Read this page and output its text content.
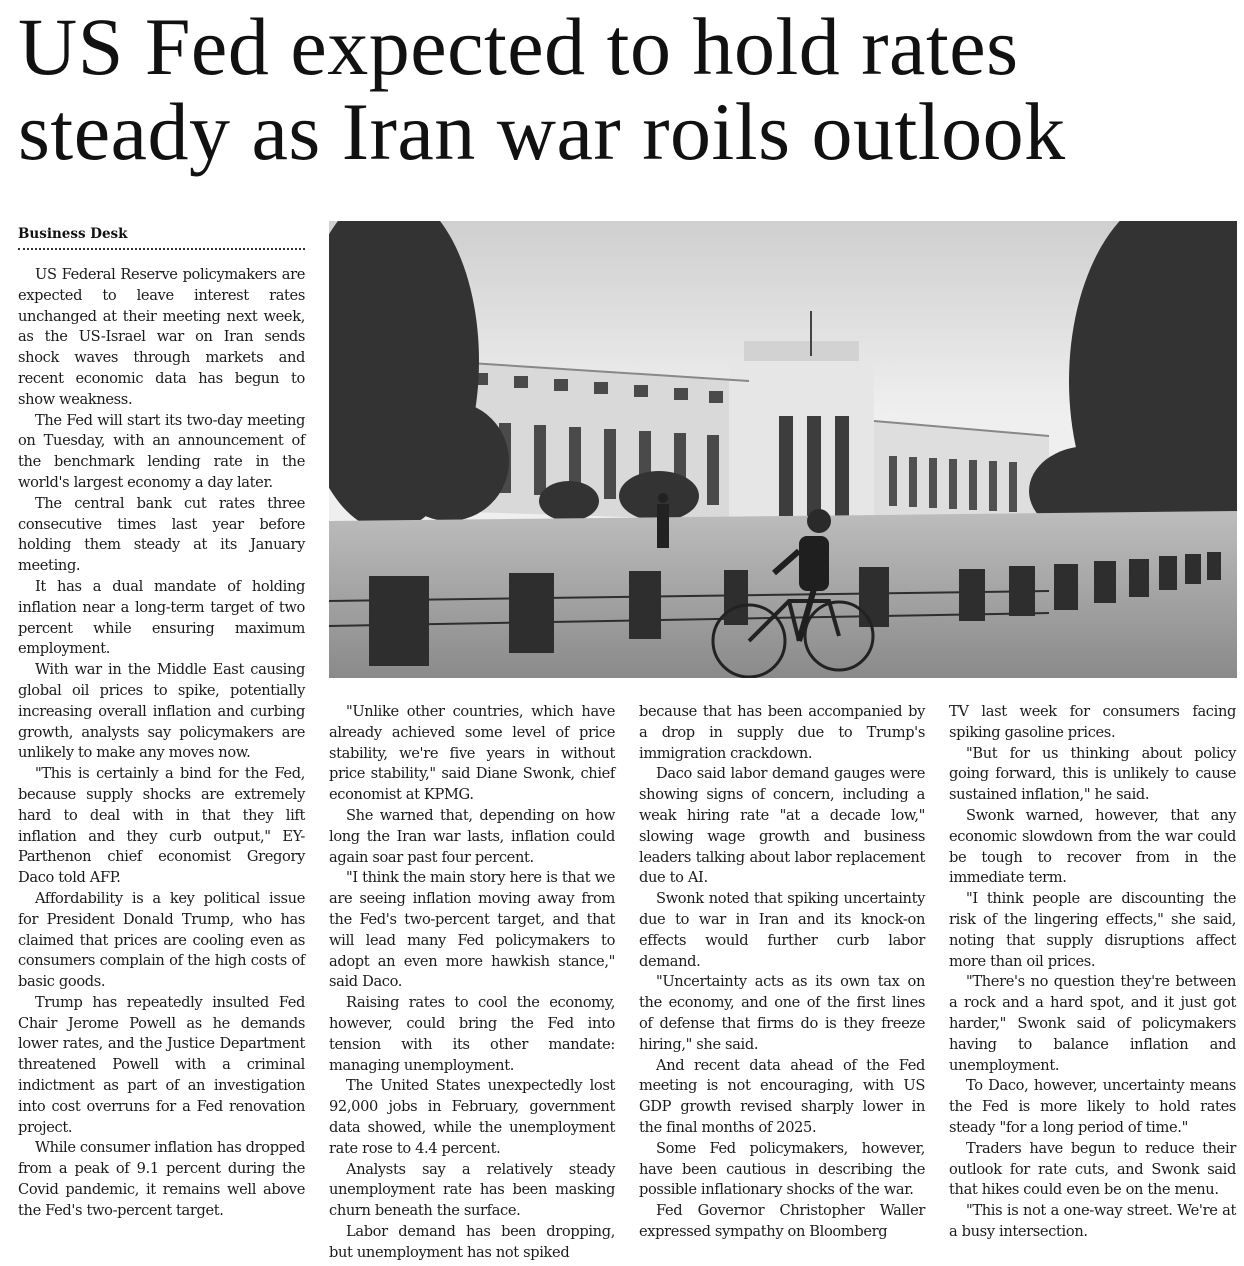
US Fed expected to hold rates
steady as Iran war roils outlook
Business Desk

US Federal Reserve policymakers are expected to leave interest rates unchanged at their meeting next week, as the US-Israel war on Iran sends shock waves through markets and recent economic data has begun to show weakness.

The Fed will start its two-day meeting on Tuesday, with an announcement of the benchmark lending rate in the world's largest economy a day later.

The central bank cut rates three consecutive times last year before holding them steady at its January meeting.

It has a dual mandate of holding inflation near a long-term target of two percent while ensuring maximum employment.

With war in the Middle East causing global oil prices to spike, potentially increasing overall inflation and curbing growth, analysts say policymakers are unlikely to make any moves now.

"This is certainly a bind for the Fed, because supply shocks are extremely hard to deal with in that they lift inflation and they curb output," EY-Parthenon chief economist Gregory Daco told AFP.

Affordability is a key political issue for President Donald Trump, who has claimed that prices are cooling even as consumers complain of the high costs of basic goods.

Trump has repeatedly insulted Fed Chair Jerome Powell as he demands lower rates, and the Justice Department threatened Powell with a criminal indictment as part of an investigation into cost overruns for a Fed renovation project.

While consumer inflation has dropped from a peak of 9.1 percent during the Covid pandemic, it remains well above the Fed's two-percent target.

"Unlike other countries, which have already achieved some level of price stability, we're five years in without price stability," said Diane Swonk, chief economist at KPMG.

She warned that, depending on how long the Iran war lasts, inflation could again soar past four percent.

"I think the main story here is that we are seeing inflation moving away from the Fed's two-percent target, and that will lead many Fed policymakers to adopt an even more hawkish stance," said Daco.

Raising rates to cool the economy, however, could bring the Fed into tension with its other mandate: managing unemployment.

The United States unexpectedly lost 92,000 jobs in February, government data showed, while the unemployment rate rose to 4.4 percent.

Analysts say a relatively steady unemployment rate has been masking churn beneath the surface.

Labor demand has been dropping, but unemployment has not spiked

because that has been accompanied by a drop in supply due to Trump's immigration crackdown.

Daco said labor demand gauges were showing signs of concern, including a weak hiring rate "at a decade low," slowing wage growth and business leaders talking about labor replacement due to AI.

Swonk noted that spiking uncertainty due to war in Iran and its knock-on effects would further curb labor demand.

"Uncertainty acts as its own tax on the economy, and one of the first lines of defense that firms do is they freeze hiring," she said.

And recent data ahead of the Fed meeting is not encouraging, with US GDP growth revised sharply lower in the final months of 2025.

Some Fed policymakers, however, have been cautious in describing the possible inflationary shocks of the war.

Fed Governor Christopher Waller expressed sympathy on Bloomberg

TV last week for consumers facing spiking gasoline prices.

"But for us thinking about policy going forward, this is unlikely to cause sustained inflation," he said.

Swonk warned, however, that any economic slowdown from the war could be tough to recover from in the immediate term.

"I think people are discounting the risk of the lingering effects," she said, noting that supply disruptions affect more than oil prices.

"There's no question they're between a rock and a hard spot, and it just got harder," Swonk said of policymakers having to balance inflation and unemployment.

To Daco, however, uncertainty means the Fed is more likely to hold rates steady "for a long period of time."

Traders have begun to reduce their outlook for rate cuts, and Swonk said that hikes could even be on the menu.

"This is not a one-way street. We're at a busy intersection.
